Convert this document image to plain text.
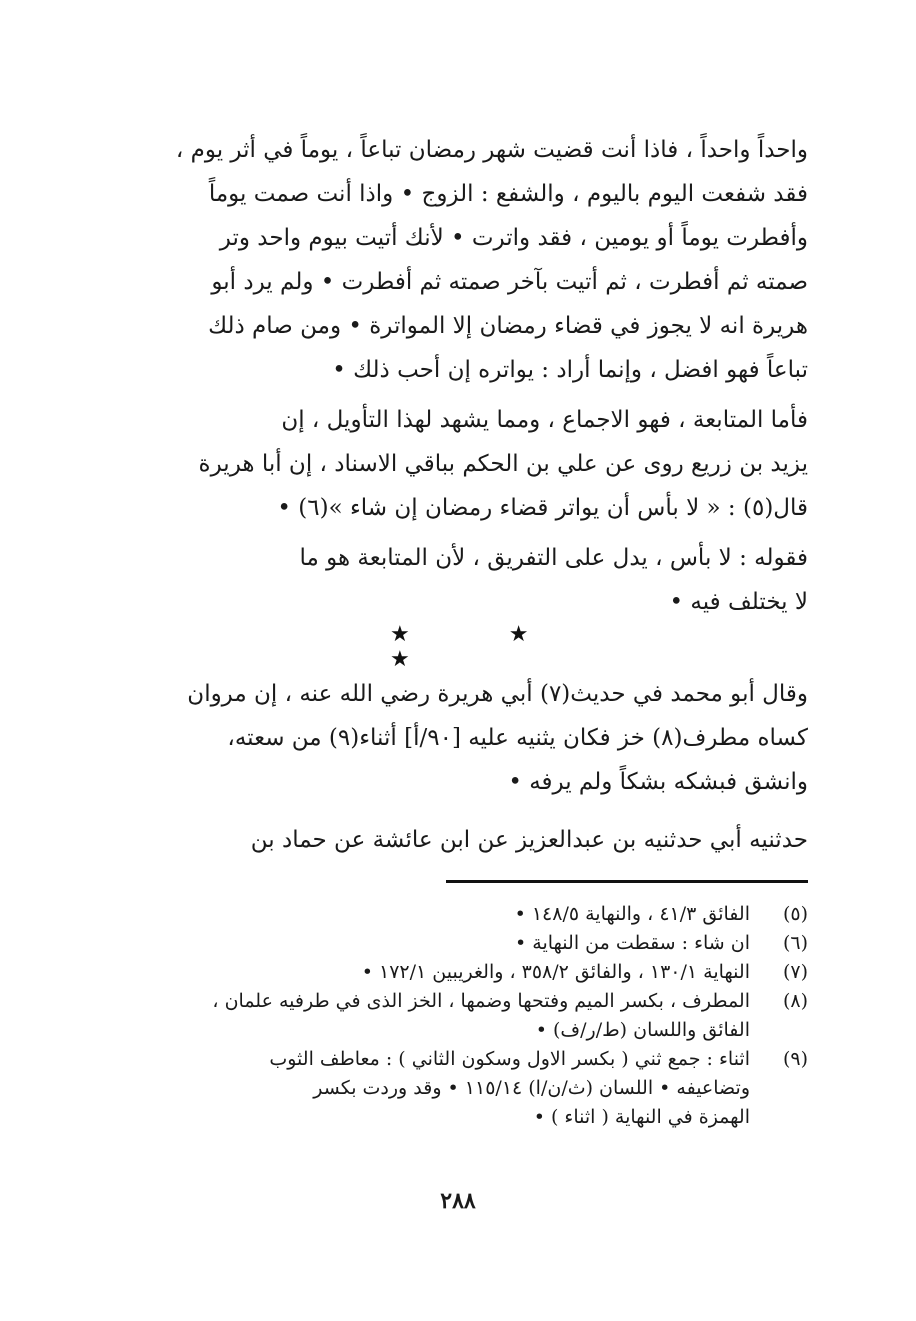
واحداً واحداً ، فاذا أنت قضيت شهر رمضان تباعاً ، يوماً في أثر يوم ،
فقد شفعت اليوم باليوم ، والشفع : الزوج • واذا أنت صمت يوماً
وأفطرت يوماً أو يومين ، فقد واترت • لأنك أتيت بيوم واحد وتر
صمته ثم أفطرت ، ثم أتيت بآخر صمته ثم أفطرت • ولم يرد أبو
هريرة انه لا يجوز في قضاء رمضان إلا المواترة • ومن صام ذلك
تباعاً فهو افضل ، وإنما أراد : يواتره إن أحب ذلك •
فأما المتابعة ، فهو الاجماع ، ومما يشهد لهذا التأويل ، إن
يزيد بن زريع روى عن علي بن الحكم بباقي الاسناد ، إن أبا هريرة
قال(٥) : « لا بأس أن يواتر قضاء رمضان إن شاء »(٦) •
فقوله : لا بأس ، يدل على التفريق ، لأن المتابعة هو ما
لا يختلف فيه •
★ ★ ★
وقال أبو محمد في حديث(٧) أبي هريرة رضي الله عنه ، إن مروان
كساه مطرف(٨) خز فكان يثنيه عليه [٩٠/أ] أثناء(٩) من سعته،
وانشق فبشكه بشكاً ولم يرفه •
حدثنيه أبي حدثنيه بن عبدالعزيز عن ابن عائشة عن حماد بن
(٥)
الفائق ٤١/٣ ، والنهاية ١٤٨/٥ •
(٦)
ان شاء : سقطت من النهاية •
(٧)
النهاية ١٣٠/١ ، والفائق ٣٥٨/٢ ، والغريبين ١٧٢/١ •
(٨)
المطرف ، بكسر الميم وفتحها وضمها ، الخز الذى في طرفيه علمان ،
الفائق واللسان (ط/ر/ف) •
(٩)
اثناء : جمع ثني ( بكسر الاول وسكون الثاني ) : معاطف الثوب
وتضاعيفه • اللسان (ث/ن/ا) ١١٥/١٤ • وقد وردت بكسر
الهمزة في النهاية ( اثناء ) •
٢٨٨
